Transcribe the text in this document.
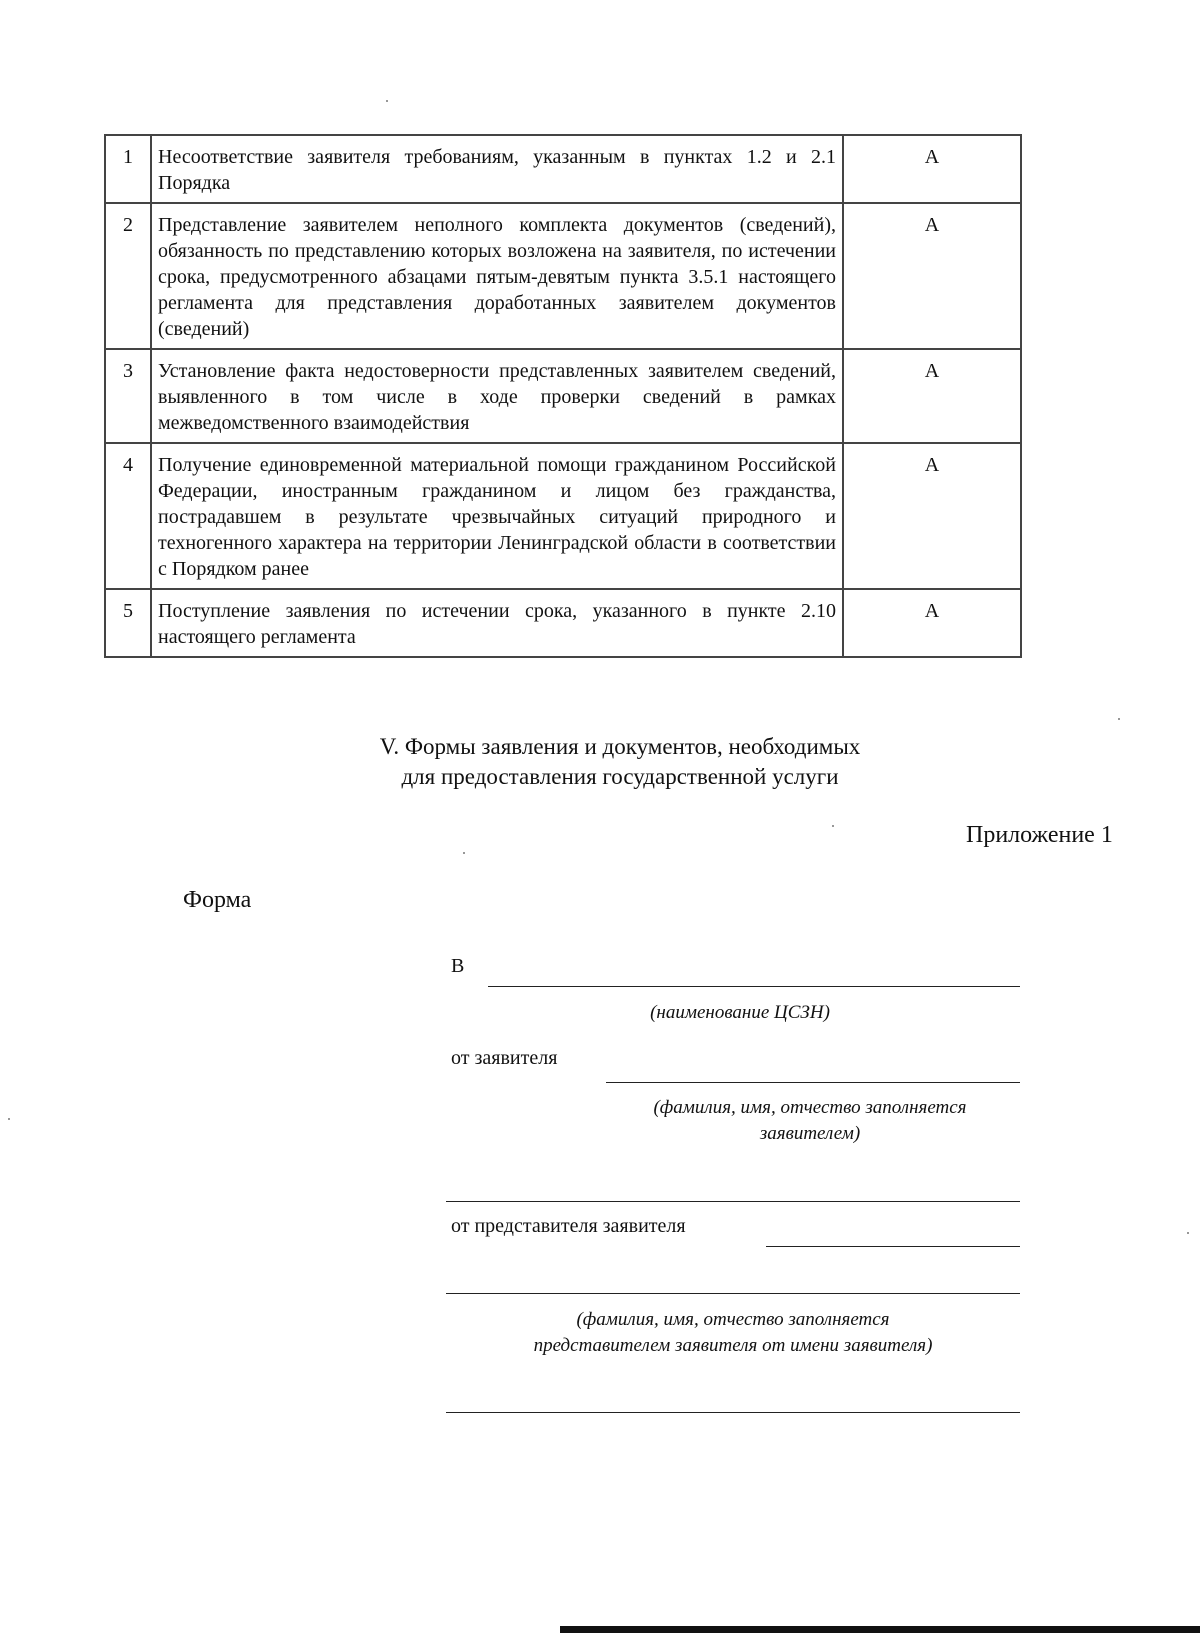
1	Несоответствие заявителя требованиям, указанным в пунктах 1.2 и 2.1 Порядка	А
2	Представление заявителем неполного комплекта документов (сведений), обязанность по представлению которых возложена на заявителя, по истечении срока, предусмотренного абзацами пятым-девятым пункта 3.5.1 настоящего регламента для представления доработанных заявителем документов (сведений)	А
3	Установление факта недостоверности представленных заявителем сведений, выявленного в том числе в ходе проверки сведений в рамках межведомственного взаимодействия	А
4	Получение единовременной материальной помощи гражданином Российской Федерации, иностранным гражданином и лицом без гражданства, пострадавшем в результате чрезвычайных ситуаций природного и техногенного характера на территории Ленинградской области в соответствии с Порядком ранее	А
5	Поступление заявления по истечении срока, указанного в пункте 2.10 настоящего регламента	А
V. Формы заявления и документов, необходимых
для предоставления государственной услуги
Приложение 1
Форма
В
(наименование ЦСЗН)
от заявителя
(фамилия, имя, отчество заполняется
заявителем)
от представителя заявителя
(фамилия, имя, отчество заполняется
представителем заявителя от имени заявителя)
